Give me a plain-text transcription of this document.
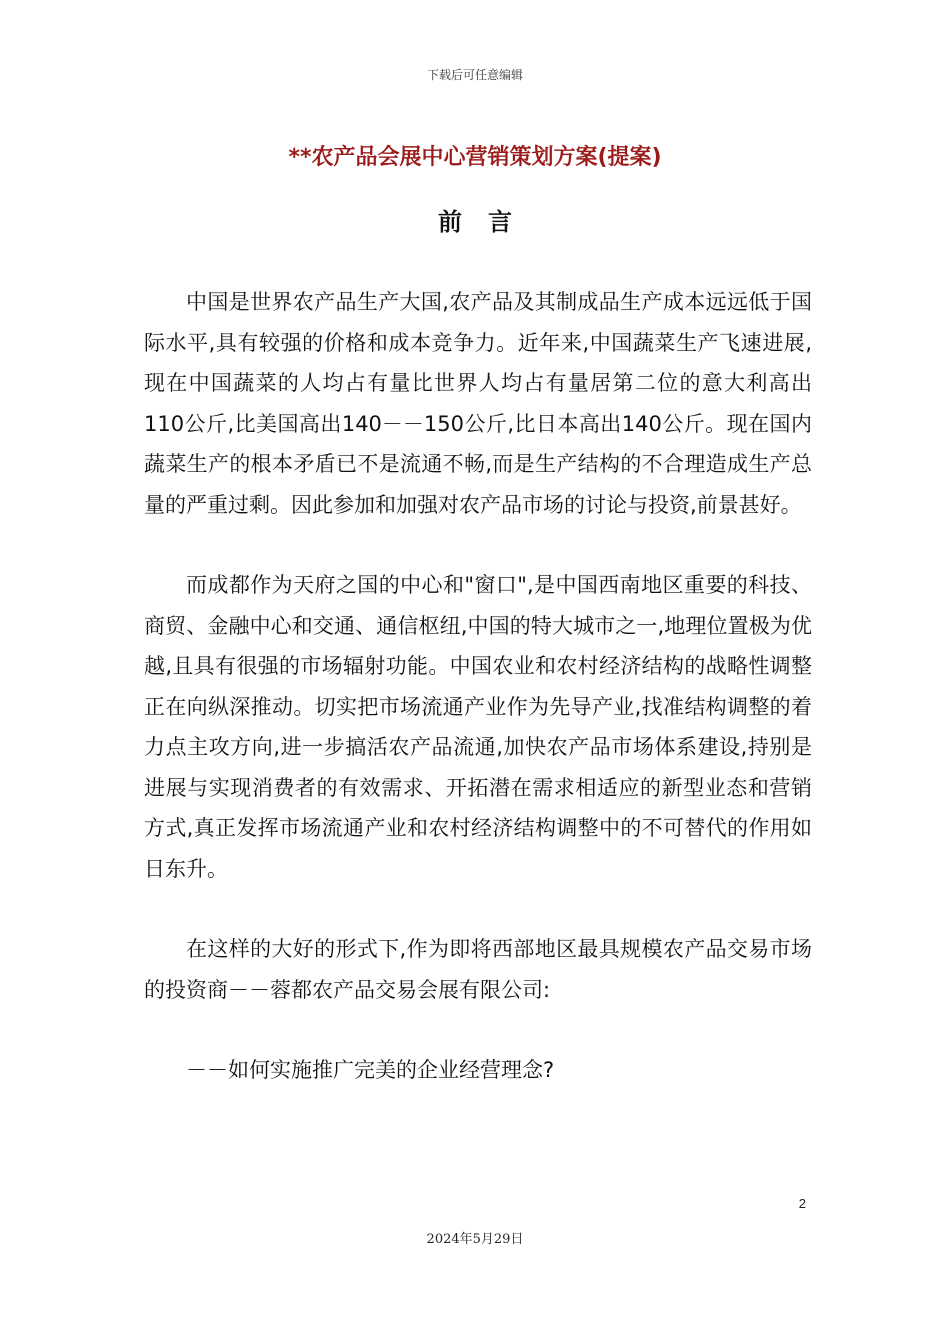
下载后可任意编辑
**农产品会展中心营销策划方案(提案)
前言

中国是世界农产品生产大国,农产品及其制成品生产成本远远低于国际水平,具有较强的价格和成本竞争力。近年来,中国蔬菜生产飞速进展,现在中国蔬菜的人均占有量比世界人均占有量居第二位的意大利高出110公斤,比美国高出140－－150公斤,比日本高出140公斤。现在国内蔬菜生产的根本矛盾已不是流通不畅,而是生产结构的不合理造成生产总量的严重过剩。因此参加和加强对农产品市场的讨论与投资,前景甚好。

而成都作为天府之国的中心和"窗口",是中国西南地区重要的科技、商贸、金融中心和交通、通信枢纽,中国的特大城市之一,地理位置极为优越,且具有很强的市场辐射功能。中国农业和农村经济结构的战略性调整正在向纵深推动。切实把市场流通产业作为先导产业,找准结构调整的着力点主攻方向,进一步搞活农产品流通,加快农产品市场体系建设,持别是进展与实现消费者的有效需求、开拓潜在需求相适应的新型业态和营销方式,真正发挥市场流通产业和农村经济结构调整中的不可替代的作用如日东升。

在这样的大好的形式下,作为即将西部地区最具规模农产品交易市场的投资商－－蓉都农产品交易会展有限公司:

－－如何实施推广完美的企业经营理念?

2
2024年5月29日
